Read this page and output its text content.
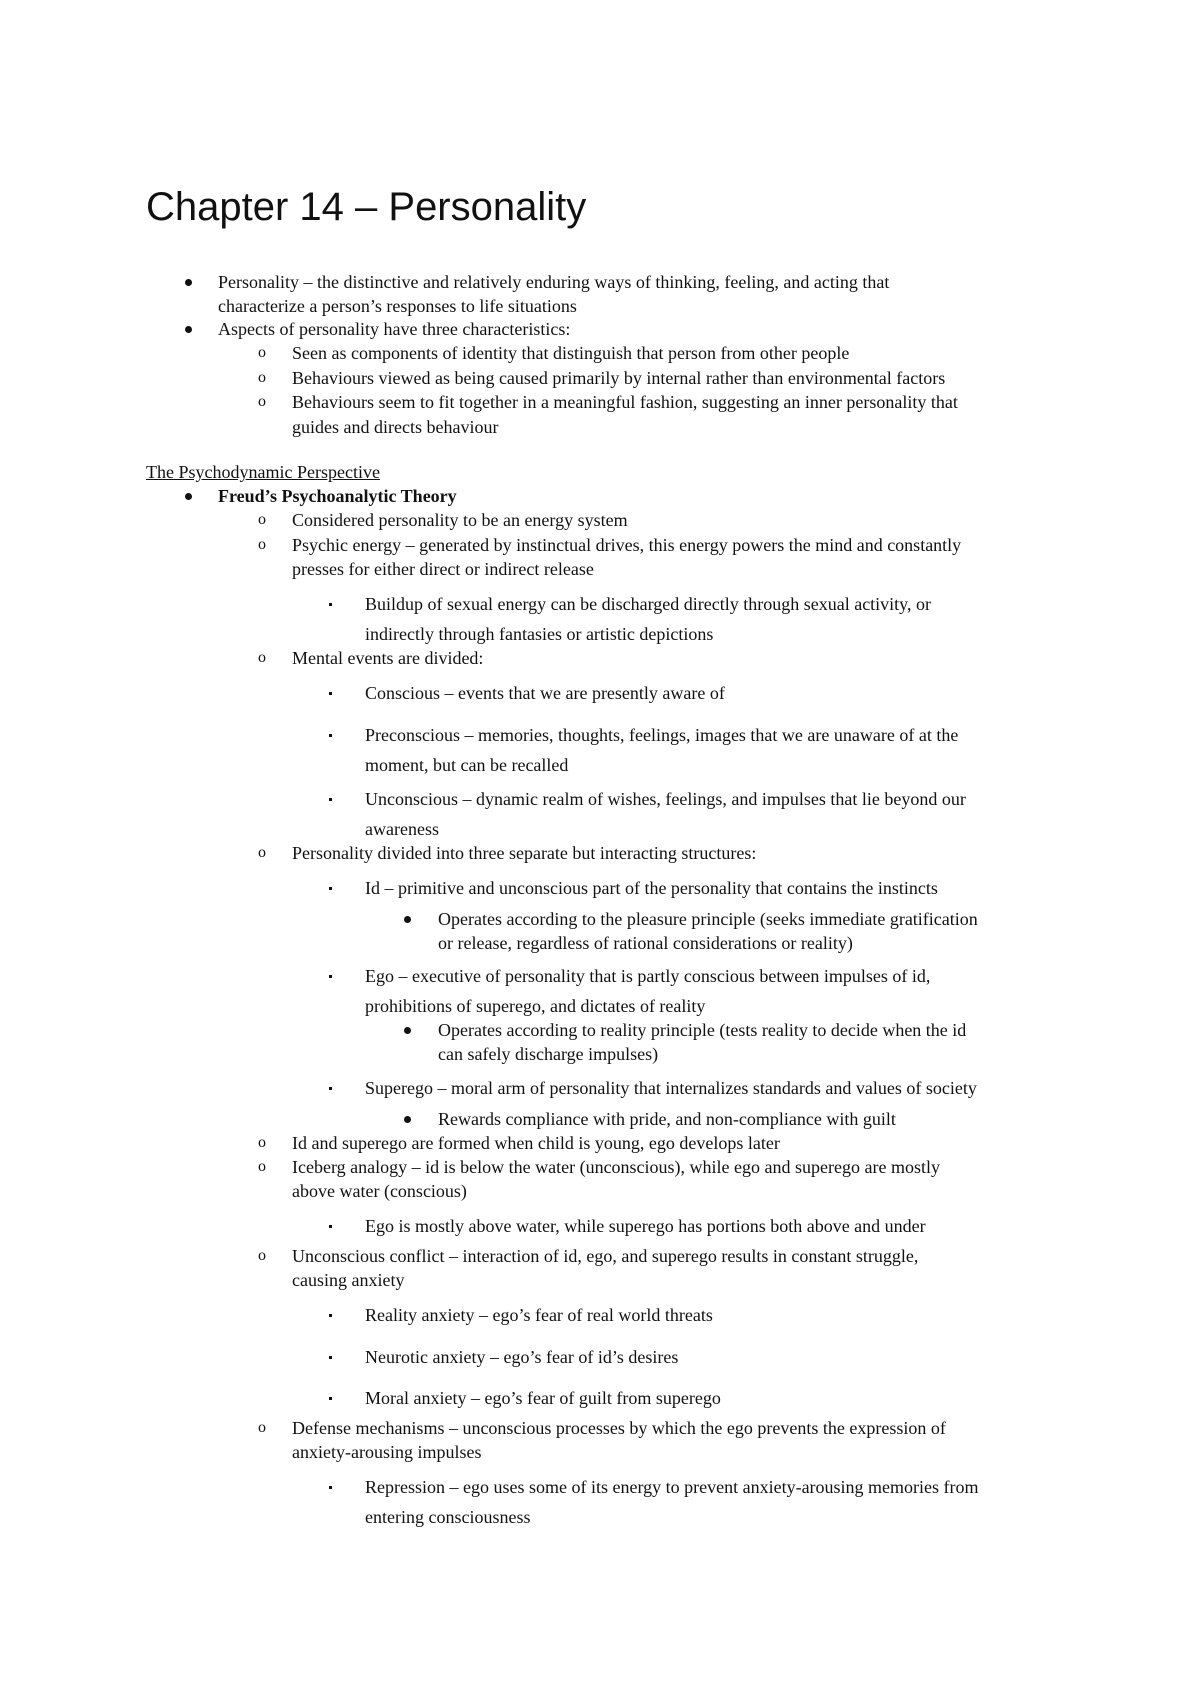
Chapter 14 – Personality
Personality – the distinctive and relatively enduring ways of thinking, feeling, and acting that
characterize a person’s responses to life situations
Aspects of personality have three characteristics:
o Seen as components of identity that distinguish that person from other people
o Behaviours viewed as being caused primarily by internal rather than environmental factors
o Behaviours seem to fit together in a meaningful fashion, suggesting an inner personality that
guides and directs behaviour
The Psychodynamic Perspective
Freud’s Psychoanalytic Theory
o Considered personality to be an energy system
o Psychic energy – generated by instinctual drives, this energy powers the mind and constantly
presses for either direct or indirect release
Buildup of sexual energy can be discharged directly through sexual activity, or
indirectly through fantasies or artistic depictions
o Mental events are divided:
Conscious – events that we are presently aware of
Preconscious – memories, thoughts, feelings, images that we are unaware of at the
moment, but can be recalled
Unconscious – dynamic realm of wishes, feelings, and impulses that lie beyond our
awareness
o Personality divided into three separate but interacting structures:
Id – primitive and unconscious part of the personality that contains the instincts
Operates according to the pleasure principle (seeks immediate gratification
or release, regardless of rational considerations or reality)
Ego – executive of personality that is partly conscious between impulses of id,
prohibitions of superego, and dictates of reality
Operates according to reality principle (tests reality to decide when the id
can safely discharge impulses)
Superego – moral arm of personality that internalizes standards and values of society
Rewards compliance with pride, and non-compliance with guilt
o Id and superego are formed when child is young, ego develops later
o Iceberg analogy – id is below the water (unconscious), while ego and superego are mostly
above water (conscious)
Ego is mostly above water, while superego has portions both above and under
o Unconscious conflict – interaction of id, ego, and superego results in constant struggle,
causing anxiety
Reality anxiety – ego’s fear of real world threats
Neurotic anxiety – ego’s fear of id’s desires
Moral anxiety – ego’s fear of guilt from superego
o Defense mechanisms – unconscious processes by which the ego prevents the expression of
anxiety-arousing impulses
Repression – ego uses some of its energy to prevent anxiety-arousing memories from
entering consciousness
